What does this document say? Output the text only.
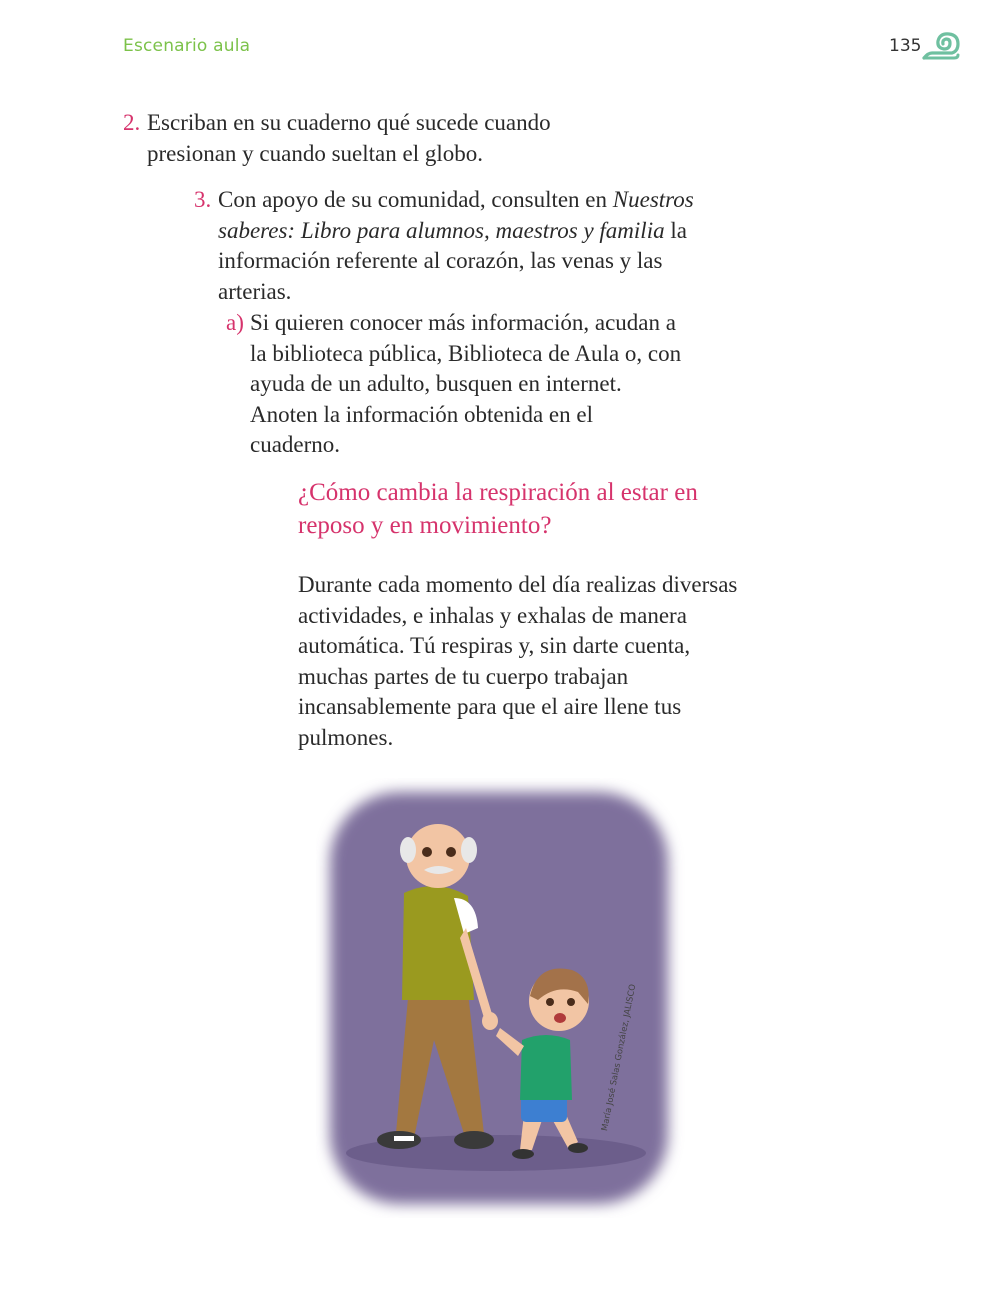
Escenario aula	135
2. Escriban en su cuaderno qué sucede cuando presionan y cuando sueltan el globo.
3. Con apoyo de su comunidad, consulten en Nuestros saberes: Libro para alumnos, maestros y familia la información referente al corazón, las venas y las arterias.
a) Si quieren conocer más información, acudan a la biblioteca pública, Biblioteca de Aula o, con ayuda de un adulto, busquen en internet. Anoten la información obtenida en el cuaderno.
¿Cómo cambia la respiración al estar en reposo y en movimiento?
Durante cada momento del día realizas diversas actividades, e inhalas y exhalas de manera automática. Tú respiras y, sin darte cuenta, muchas partes de tu cuerpo trabajan incansablemente para que el aire llene tus pulmones.
María José Salas González, JALISCO
